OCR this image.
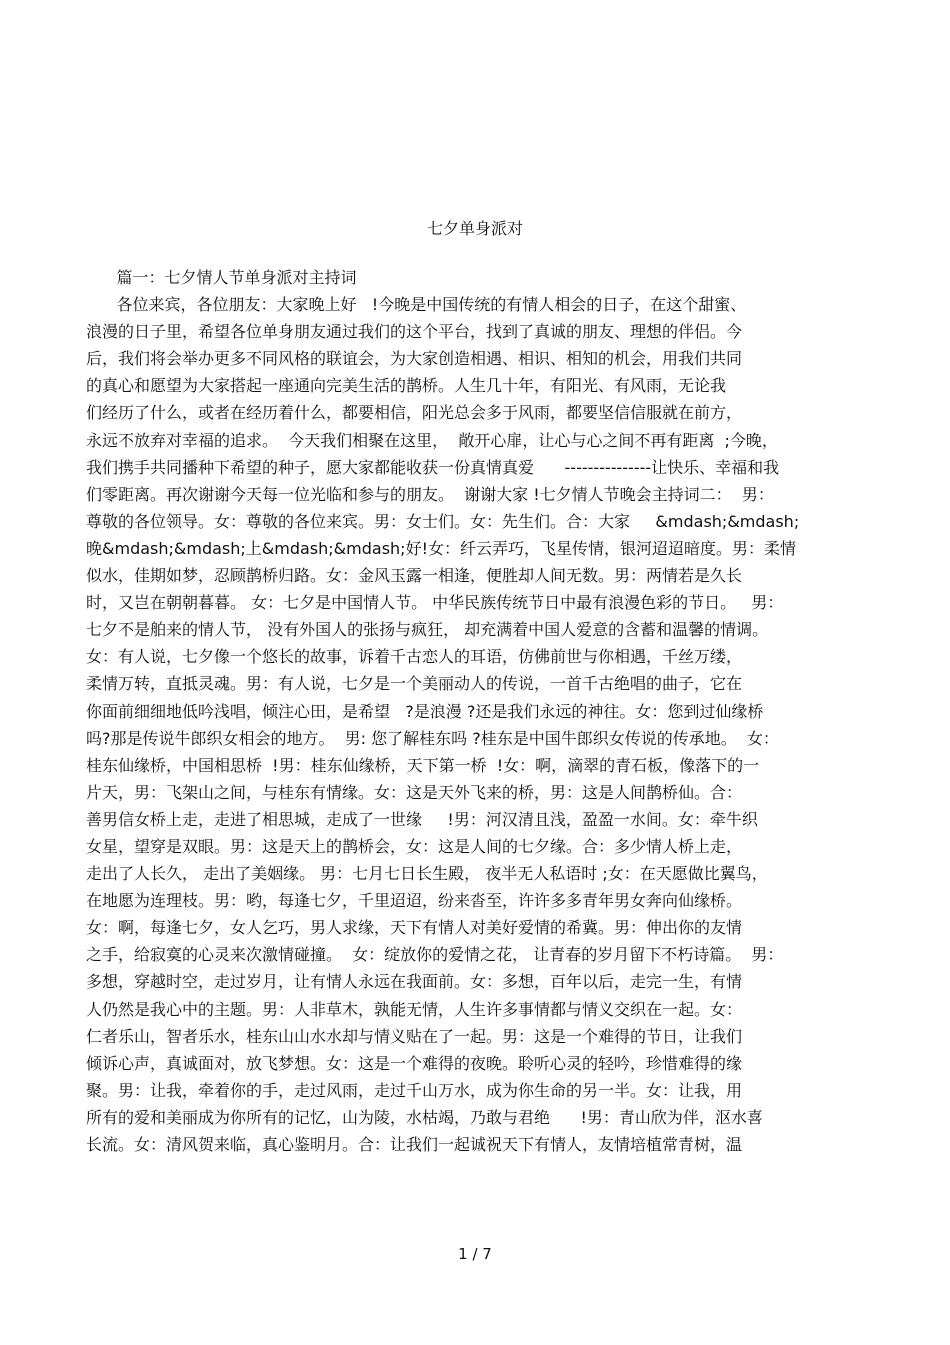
七夕单身派对
篇一：七夕情人节单身派对主持词
各位来宾，各位朋友：大家晚上好   !今晚是中国传统的有情人相会的日子，在这个甜蜜、
浪漫的日子里，希望各位单身朋友通过我们的这个平台，找到了真诚的朋友、理想的伴侣。今
后，我们将会举办更多不同风格的联谊会，为大家创造相遇、相识、相知的机会，用我们共同
的真心和愿望为大家搭起一座通向完美生活的鹊桥。人生几十年，有阳光、有风雨，无论我
们经历了什么，或者在经历着什么，都要相信，阳光总会多于风雨，都要坚信信服就在前方，
永远不放弃对幸福的追求。  今天我们相聚在这里，  敞开心扉，让心与心之间不再有距离  ;今晚，
我们携手共同播种下希望的种子，愿大家都能收获一份真情真爱      ---------------让快乐、幸福和我
们零距离。再次谢谢今天每一位光临和参与的朋友。  谢谢大家 !七夕情人节晚会主持词二：  男：
尊敬的各位领导。女：尊敬的各位来宾。男：女士们。女：先生们。合：大家     &mdash;&mdash;
晚&mdash;&mdash;上&mdash;&mdash;好!女：纤云弄巧，飞星传情，银河迢迢暗度。男：柔情
似水，佳期如梦，忍顾鹊桥归路。女：金风玉露一相逢，便胜却人间无数。男：两情若是久长
时，又岂在朝朝暮暮。 女：七夕是中国情人节。 中华民族传统节日中最有浪漫色彩的节日。   男：
七夕不是舶来的情人节， 没有外国人的张扬与疯狂， 却充满着中国人爱意的含蓄和温馨的情调。
女：有人说，七夕像一个悠长的故事，诉着千古恋人的耳语，仿佛前世与你相遇，千丝万缕，
柔情万转，直抵灵魂。男：有人说，七夕是一个美丽动人的传说，一首千古绝唱的曲子，它在
你面前细细地低吟浅唱，倾注心田，是希望   ?是浪漫 ?还是我们永远的神往。女：您到过仙缘桥
吗?那是传说牛郎织女相会的地方。  男: 您了解桂东吗 ?桂东是中国牛郎织女传说的传承地。  女：
桂东仙缘桥，中国相思桥  !男：桂东仙缘桥，天下第一桥  !女：啊，滴翠的青石板，像落下的一
片天，男：飞架山之间，与桂东有情缘。女：这是天外飞来的桥，男：这是人间鹊桥仙。合：
善男信女桥上走，走进了相思城，走成了一世缘     !男：河汉清且浅，盈盈一水间。女：牵牛织
女星，望穿是双眼。男：这是天上的鹊桥会，女：这是人间的七夕缘。合：多少情人桥上走，
走出了人长久， 走出了美姻缘。 男：七月七日长生殿， 夜半无人私语时 ;女：在天愿做比翼鸟，
在地愿为连理枝。男：哟，每逢七夕，千里迢迢，纷来沓至，许许多多青年男女奔向仙缘桥。
女：啊，每逢七夕，女人乞巧，男人求缘，天下有情人对美好爱情的希冀。男：伸出你的友情
之手，给寂寞的心灵来次激情碰撞。  女：绽放你的爱情之花， 让青春的岁月留下不朽诗篇。  男：
多想，穿越时空，走过岁月，让有情人永远在我面前。女：多想，百年以后，走完一生，有情
人仍然是我心中的主题。男：人非草木，孰能无情，人生许多事情都与情义交织在一起。女：
仁者乐山，智者乐水，桂东山山水水却与情义贴在了一起。男：这是一个难得的节日，让我们
倾诉心声，真诚面对，放飞梦想。女：这是一个难得的夜晚。聆听心灵的轻吟，珍惜难得的缘
聚。男：让我，牵着你的手，走过风雨，走过千山万水，成为你生命的另一半。女：让我，用
所有的爱和美丽成为你所有的记忆，山为陵，水枯竭，乃敢与君绝      !男：青山欣为伴，沤水喜
长流。女：清风贺来临，真心鉴明月。合：让我们一起诚祝天下有情人，友情培植常青树，温
1 / 7
